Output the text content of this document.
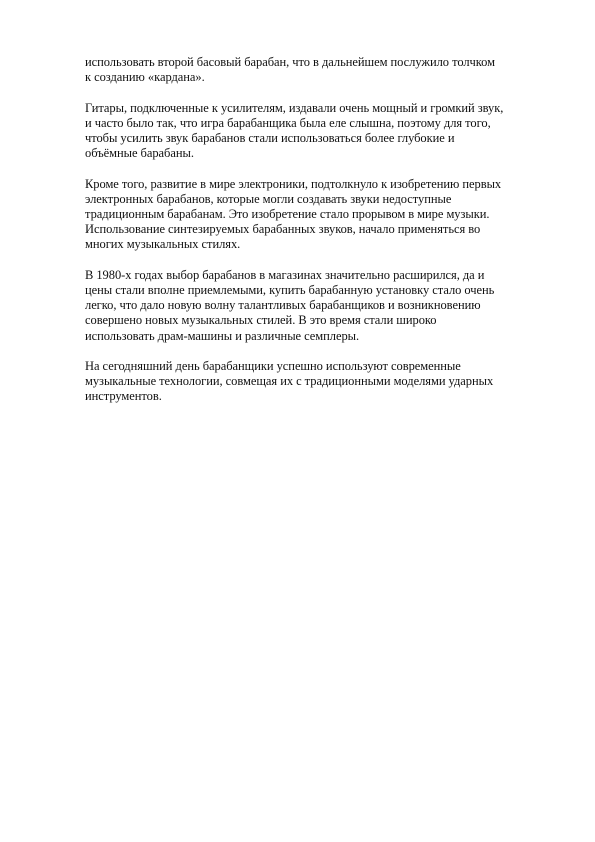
использовать второй басовый барабан, что в дальнейшем послужило толчком
к созданию «кардана».

Гитары, подключенные к усилителям, издавали очень мощный и громкий звук,
и часто было так, что игра барабанщика была еле слышна, поэтому для того,
чтобы усилить звук барабанов стали использоваться более глубокие и
объёмные барабаны.

Кроме того, развитие в мире электроники, подтолкнуло к изобретению первых
электронных барабанов, которые могли создавать звуки недоступные
традиционным барабанам. Это изобретение стало прорывом в мире музыки.
Использование синтезируемых барабанных звуков, начало применяться во
многих музыкальных стилях.

В 1980-х годах выбор барабанов в магазинах значительно расширился, да и
цены стали вполне приемлемыми, купить барабанную установку стало очень
легко, что дало новую волну талантливых барабанщиков и возникновению
совершено новых музыкальных стилей. В это время стали широко
использовать драм-машины и различные семплеры.

На сегодняшний день барабанщики успешно используют современные
музыкальные технологии, совмещая их с традиционными моделями ударных
инструментов.
